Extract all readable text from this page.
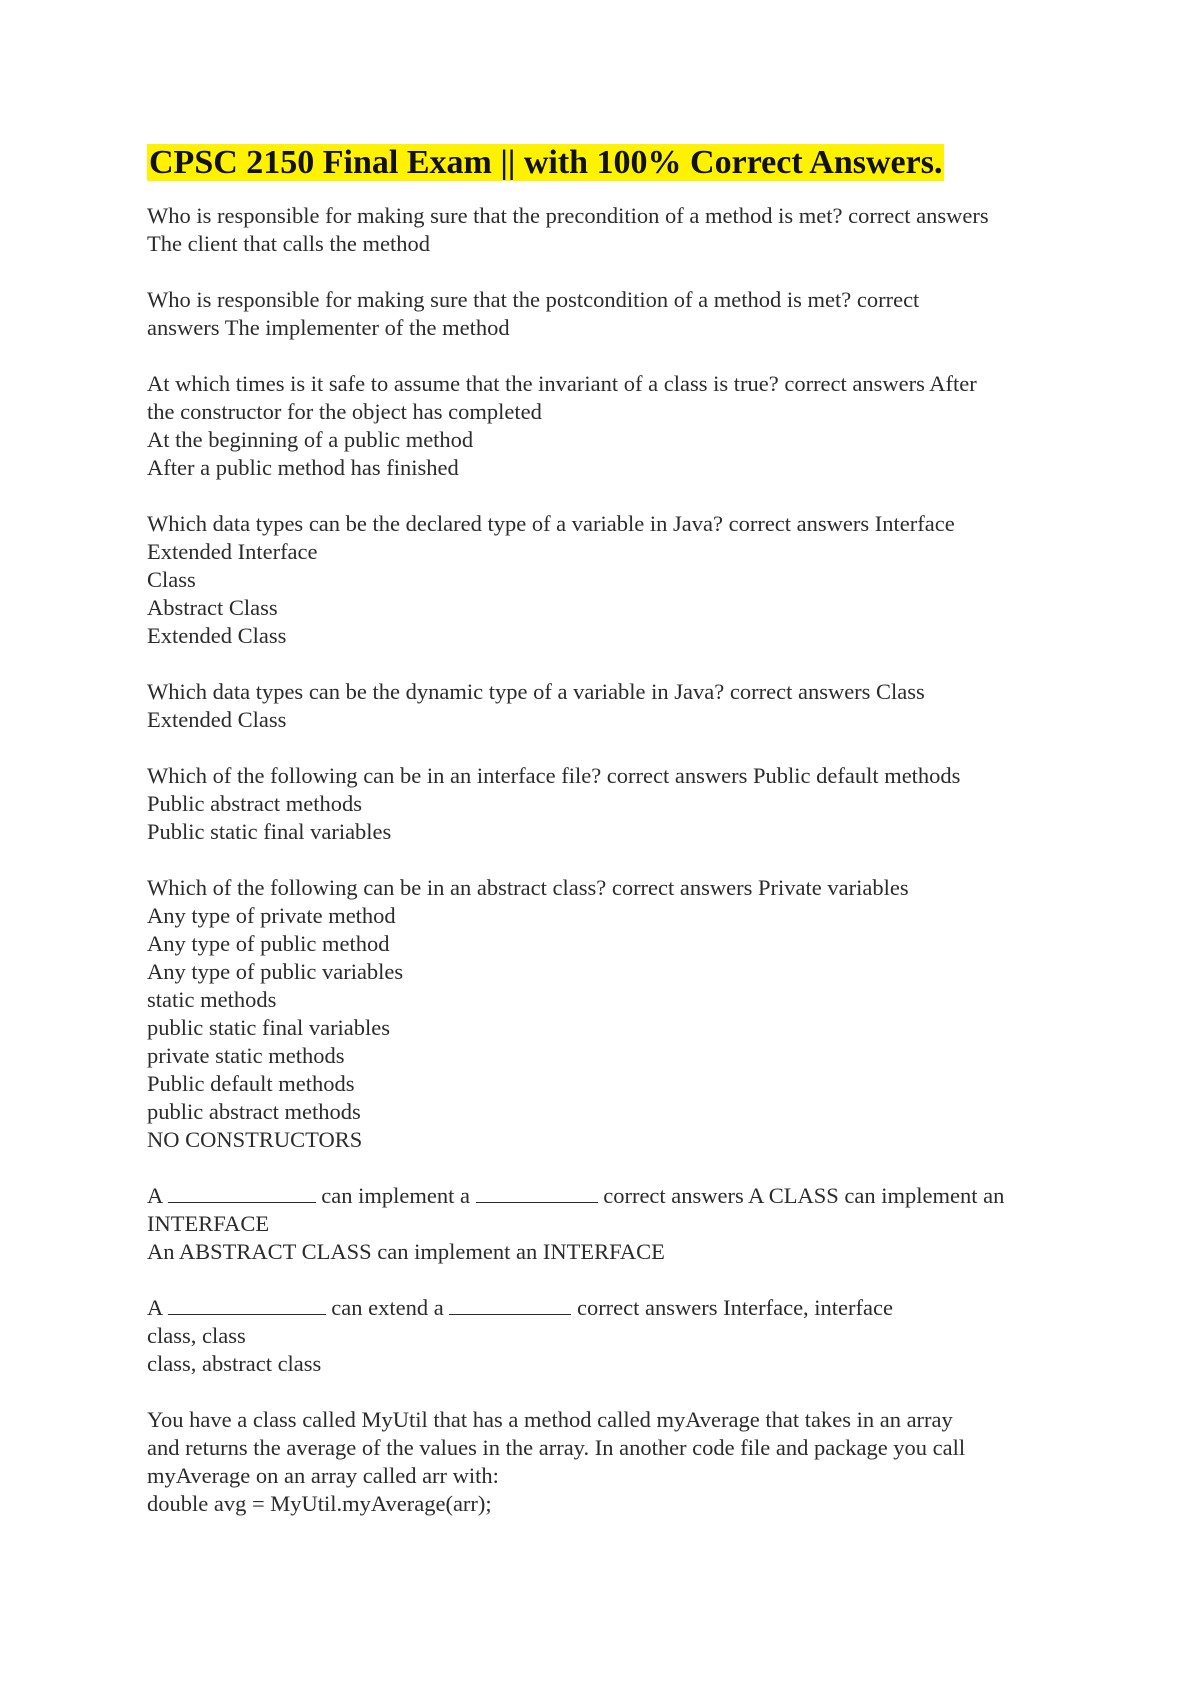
CPSC 2150 Final Exam || with 100% Correct Answers.
Who is responsible for making sure that the precondition of a method is met? correct answers
The client that calls the method
Who is responsible for making sure that the postcondition of a method is met? correct
answers The implementer of the method
At which times is it safe to assume that the invariant of a class is true? correct answers After
the constructor for the object has completed
At the beginning of a public method
After a public method has finished
Which data types can be the declared type of a variable in Java? correct answers Interface
Extended Interface
Class
Abstract Class
Extended Class
Which data types can be the dynamic type of a variable in Java? correct answers Class
Extended Class
Which of the following can be in an interface file? correct answers Public default methods
Public abstract methods
Public static final variables
Which of the following can be in an abstract class? correct answers Private variables
Any type of private method
Any type of public method
Any type of public variables
static methods
public static final variables
private static methods
Public default methods
public abstract methods
NO CONSTRUCTORS
A	can implement a	correct answers A CLASS can implement an
INTERFACE
An ABSTRACT CLASS can implement an INTERFACE
A	can extend a	correct answers Interface, interface
class, class
class, abstract class
You have a class called MyUtil that has a method called myAverage that takes in an array
and returns the average of the values in the array. In another code file and package you call
myAverage on an array called arr with:
double avg = MyUtil.myAverage(arr);
